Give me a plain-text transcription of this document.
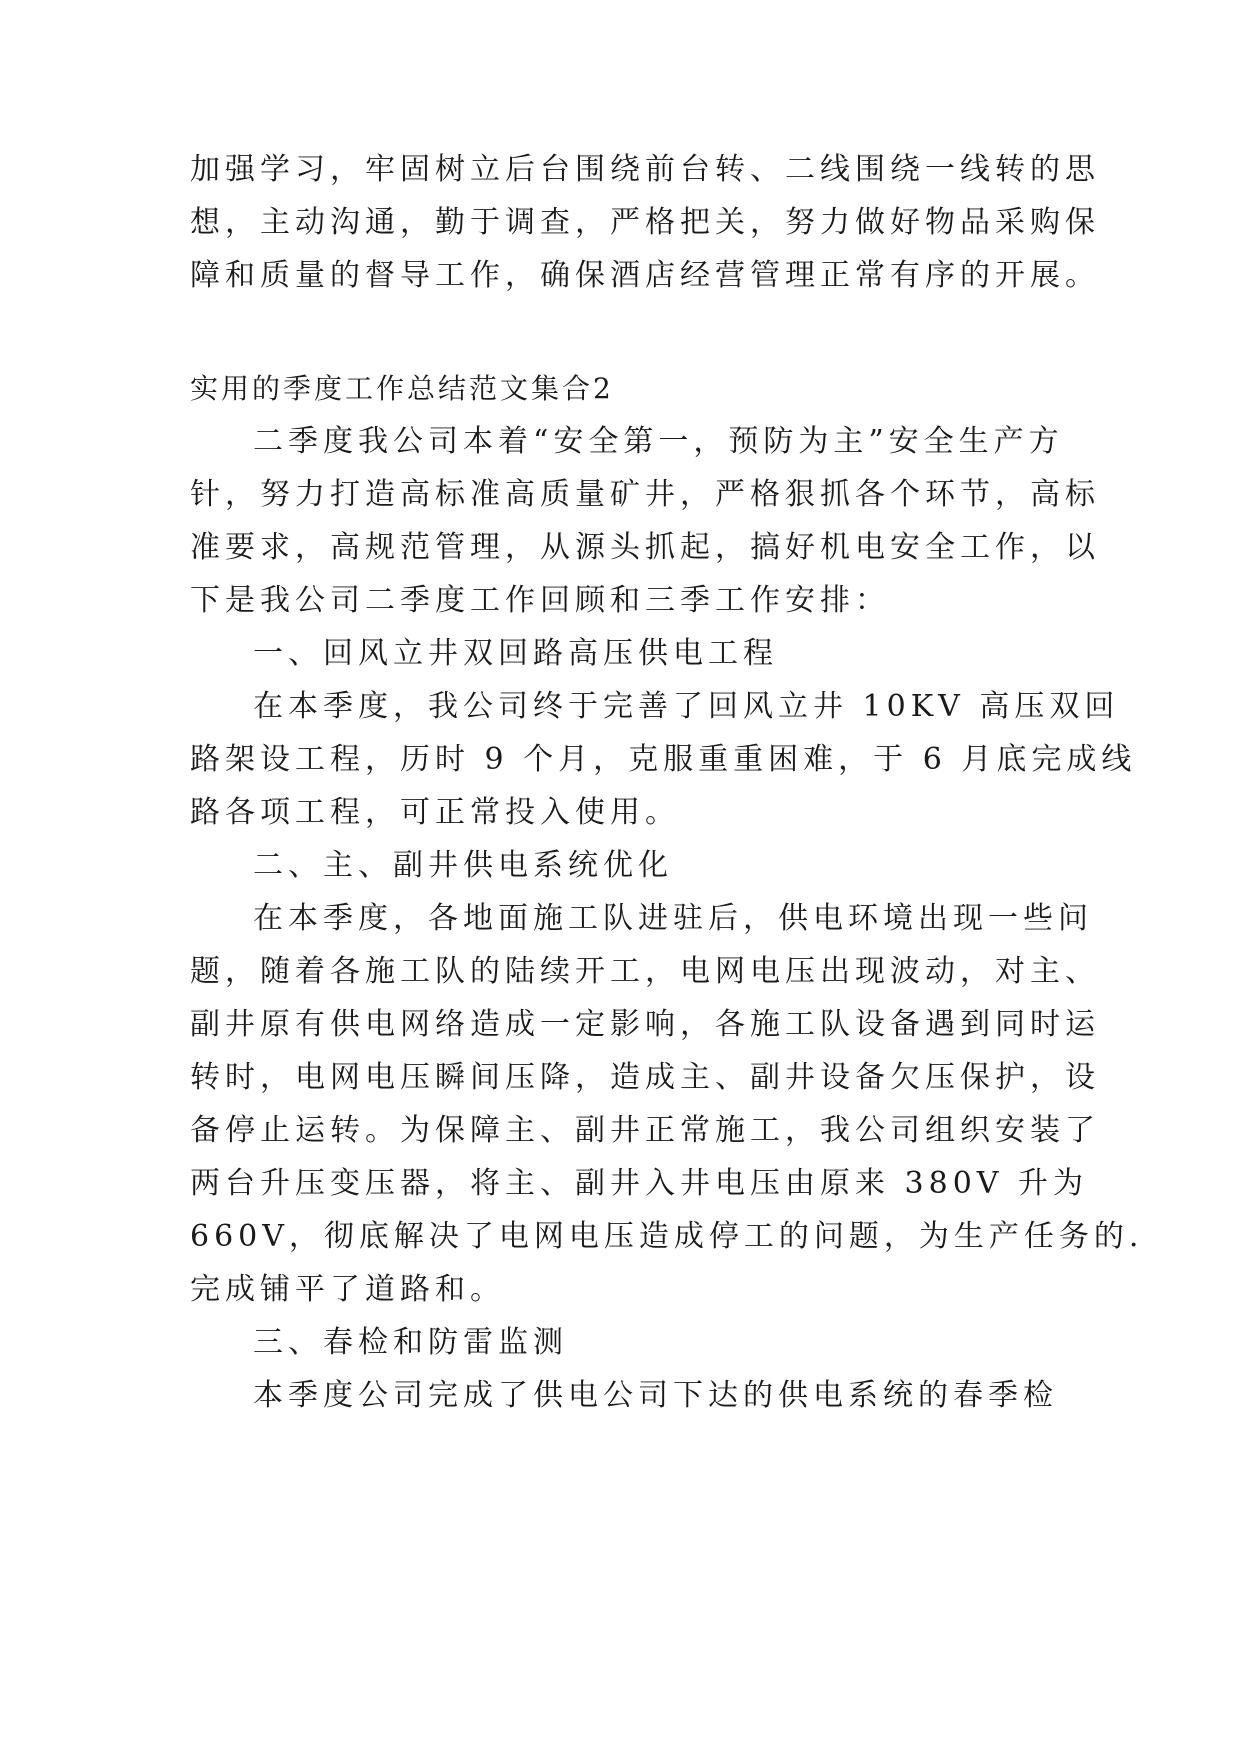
加强学习，牢固树立后台围绕前台转、二线围绕一线转的思
想，主动沟通，勤于调查，严格把关，努力做好物品采购保
障和质量的督导工作，确保酒店经营管理正常有序的开展。
实用的季度工作总结范文集合2
二季度我公司本着“安全第一，预防为主”安全生产方
针，努力打造高标准高质量矿井，严格狠抓各个环节，高标
准要求，高规范管理，从源头抓起，搞好机电安全工作，以
下是我公司二季度工作回顾和三季工作安排：
一、回风立井双回路高压供电工程
在本季度，我公司终于完善了回风立井 10KV 高压双回
路架设工程，历时 9 个月，克服重重困难，于 6 月底完成线
路各项工程，可正常投入使用。
二、主、副井供电系统优化
在本季度，各地面施工队进驻后，供电环境出现一些问
题，随着各施工队的陆续开工，电网电压出现波动，对主、
副井原有供电网络造成一定影响，各施工队设备遇到同时运
转时，电网电压瞬间压降，造成主、副井设备欠压保护，设
备停止运转。为保障主、副井正常施工，我公司组织安装了
两台升压变压器，将主、副井入井电压由原来 380V 升为
660V，彻底解决了电网电压造成停工的问题，为生产任务的.
完成铺平了道路和。
三、春检和防雷监测
本季度公司完成了供电公司下达的供电系统的春季检
